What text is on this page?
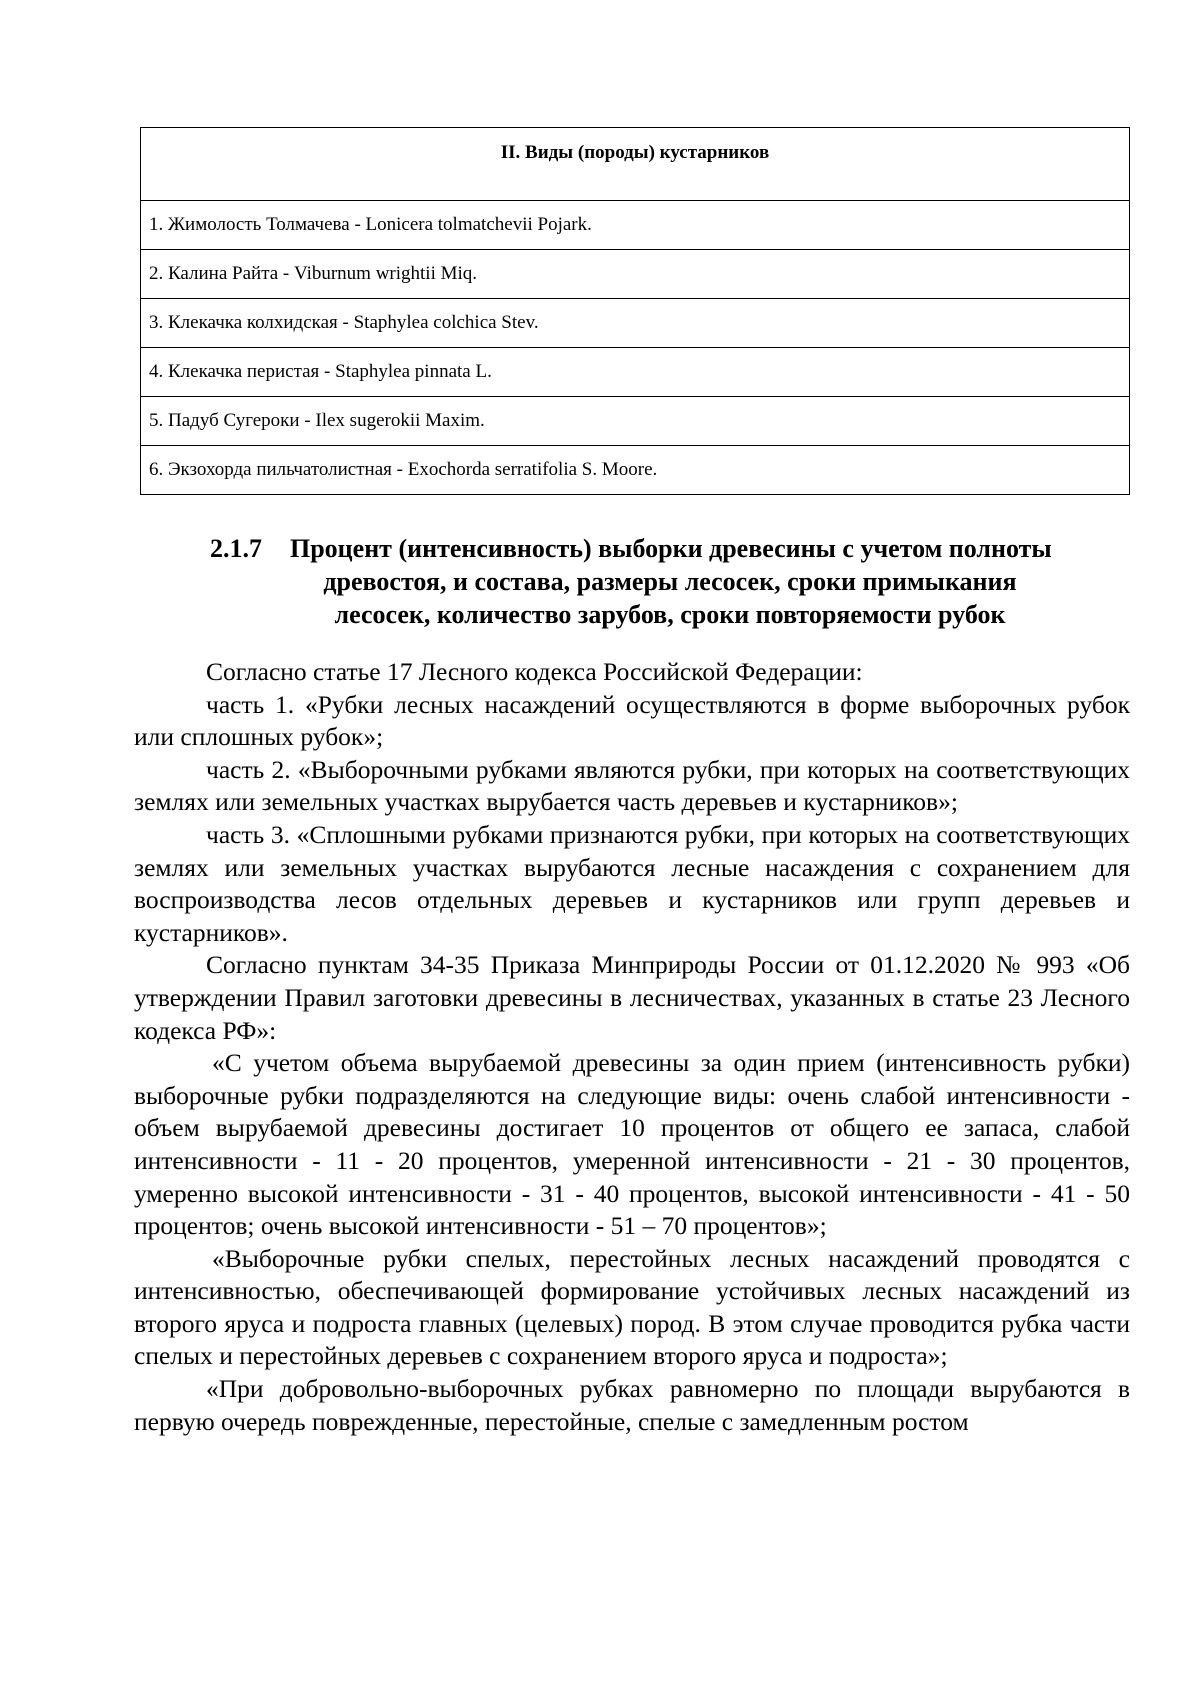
II. Виды (породы) кустарников
1. Жимолость Толмачева - Lonicera tolmatchevii Pojark.
2. Калина Райта - Viburnum wrightii Miq.
3. Клекачка колхидская - Staphylea colchica Stev.
4. Клекачка перистая - Staphylea pinnata L.
5. Падуб Сугероки - Ilex sugerokii Maxim.
6. Экзохорда пильчатолистная - Exochorda serratifolia S. Moore.
2.1.7 Процент (интенсивность) выборки древесины с учетом полноты
древостоя, и состава, размеры лесосек, сроки примыкания
лесосек, количество зарубов, сроки повторяемости рубок

Согласно статье 17 Лесного кодекса Российской Федерации:

часть 1. «Рубки лесных насаждений осуществляются в форме выборочных рубок или сплошных рубок»;

часть 2. «Выборочными рубками являются рубки, при которых на соответствующих землях или земельных участках вырубается часть деревьев и кустарников»;

часть 3. «Сплошными рубками признаются рубки, при которых на соответствующих землях или земельных участках вырубаются лесные насаждения с сохранением для воспроизводства лесов отдельных деревьев и кустарников или групп деревьев и кустарников».

Согласно пунктам 34-35 Приказа Минприроды России от 01.12.2020 № 993 «Об утверждении Правил заготовки древесины в лесничествах, указанных в статье 23 Лесного кодекса РФ»:

«С учетом объема вырубаемой древесины за один прием (интенсивность рубки) выборочные рубки подразделяются на следующие виды: очень слабой интенсивности - объем вырубаемой древесины достигает 10 процентов от общего ее запаса, слабой интенсивности - 11 - 20 процентов, умеренной интенсивности - 21 - 30 процентов, умеренно высокой интенсивности - 31 - 40 процентов, высокой интенсивности - 41 - 50 процентов; очень высокой интенсивности - 51 – 70 процентов»;

«Выборочные рубки спелых, перестойных лесных насаждений проводятся с интенсивностью, обеспечивающей формирование устойчивых лесных насаждений из второго яруса и подроста главных (целевых) пород. В этом случае проводится рубка части спелых и перестойных деревьев с сохранением второго яруса и подроста»;

«При добровольно-выборочных рубках равномерно по площади вырубаются в первую очередь поврежденные, перестойные, спелые с замедленным ростом
